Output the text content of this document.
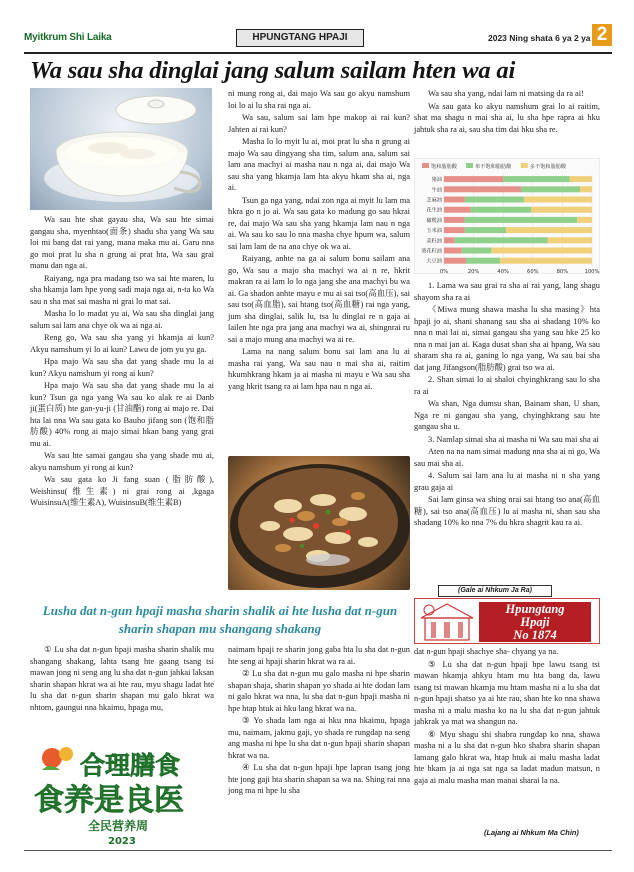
Myitkrum Shi Laika	HPUNGTANG HPAJI	2023 Ning shata 6 ya 2 ya 2
Wa sau sha dinglai jang salum sailam hten wa ai

Wa sau hte shat gayau sha, Wa sau hte simai gangau sha, myenhtao(面条) shadu sha yang Wa sau loi mi bang dat rai yang, mana maka mu ai. Garu nna go moi prat lu sha n grung ai prat hta, Wa sau grai manu dan nga ai.

Raiyang, nga pra madang tso wa sai hte maren, lu sha hkamja lam hpe yong sadi maja nga ai, n-ta ko Wa sau n sha mat sai masha ni grai lo mat sai.

Masha lo lo madat yu ai, Wa sau sha dinglai jang salum sai lam ana chye ok wa ai nga ai.

Reng go, Wa sau sha yang yi hkamja ai kun? Akyu namshum yi lo ai kun? Lawu de jom yu yu ga.

Hpa majo Wa sau sha dat yang shade mu la ai kun? Akyu namshum yi rong ai kun?

Hpa majo Wa sau sha dat yang shade mu la ai kun? Tsun ga nga yang Wa sau ko alak re ai Danb ji(蛋白质) hte gan-yu-ji (甘油酯) rong ai majo re. Dai hta lai nna Wa sau gata ko Bauho jifang son (饱和脂肪酸) 40% rong ai majo simai hkan bang yang grai mu ai.

Wa sau hte samai gangau sha yang shade mu ai, akyu namshum yi rong ai kun?

Wa sau gata ko Ji fang suan (脂肪酸), Weishinsu(维生素) ni grai rong ai ,kgaga WuisinsuA(维生素A), WuisinsuB(维生素B)

ni mung rong ai, dai majo Wa sau go akyu namshum loi lo ai lu sha rai nga ai.

Wa sau, salum sai lam hpe makop ai rai kun? Jahten ai rai kun?

Masha lo lo myit lu ai, moi prat lu sha n grung ai majo Wa sau dingyang sha tim, salum ana, salum sai lam ana machyi ai masha nau n nga ai, dai majo Wa sau sha yang hkamja lam hta akyu hkam sha ai, nga ai.

Tsun ga nga yang, ndai zon nga ai myit lu lam ma hkra go n jo ai. Wa sau gata ko madung go sau hkrai re, dai majo Wa sau sha yang hkamja lam nau n nga ai. Wa sau ko sau lo nna masha chye hpum wa, salum sai lam lam de na ana chye ok wa ai.

Raiyang, anhte na ga ai salum bonu sailam ana go, Wa sau a majo sha machyi wa ai n re, hkrit makran ra ai lam lo lo nga jang she ana machyi bu wa ai. Ga shadon anhte mayu e mu ai sai tso(高血压), sai sau tso(高血脂), sai htang tso(高血糖) rai nga yang, jum sha dinglai, salik lu, tsa lu dinglai re n gaja ai lailen hte nga pra jang ana machyi wa ai, shingnrai ru sai a majo mung ana machyi wa ai re.

Lama na nang salum bonu sai lam ana lu ai masha rai yang, Wa sau nau n mai sha ai, raitim hkumhkrang hkam ja ai masha ni mayu e Wa sau sha yang hkrit tsang ra ai lam hpa nau n nga ai.

Wa sau sha yang, ndai lam ni matsing da ra ai!

Wa sau gata ko akyu namshum grai lo ai raitim, shat ma shagu n mai sha ai, lu sha hpe rapra ai hku jahtuk sha ra ai, sau sha tim dai hku sha re.

饱和脂肪酸	单不饱和脂肪酸	多不饱和脂肪酸
0%	20%	40%	60%	80%	100%
猪油
牛油
芝麻油
花生油
橄榄油
玉米油
菜籽油
葵花籽油
大豆油

1. Lama wa sau grai ra sha ai rai yang, lang shagu shayom sha ra ai

《Miwa mung shawa masha lu sha masing》hta hpaji jo ai, shani shanang sau sha ai shadang 10% ko nna n mai lai ai, simai gangau sha yang sau hke 25 ko nna n mai jan ai. Kaga dusat shan sha ai hpang, Wa sau sharam sha ra ai, ganing lo nga yang, Wa sau bai sha dat jang Jifangson(脂肪酸) grai tso wa ai.

2. Shan simai lo ai shaloi chyinghkrang sau lo sha ra ai

Wa shan, Nga dumsu shan, Bainam shan, U shan, Nga re ni gangau sha yang, chyinghkrang sau hte gangau sha u.

3. Namlap simai sha ai masha ni Wa sau mai sha ai

Aten na na nam simai madung nna sha ai ni go, Wa sau mai sha ai.

4. Salum sai lam ana lu ai masha ni n sha yang grau gaja ai

Sai lam ginsa wa shing nrai sai htang tso ana(高血糖), sai tso ana(高血压) lu ai masha ni, shan sau sha shadang 10% ko nna 7% du hkra shagrit kau ra ai.

(Gale ai Nhkum Ja Ra)
Hpungtang
Hpaji
No 1874
Lusha dat n-gun hpaji masha sharin shalik ai hte lusha dat n-gun sharin shapan mu shangang shakang

① Lu sha dat n-gun hpaji masha sharin shalik mu shangang shakang, lahta tsang hte gaang tsang tsi mawan jong ni seng ang lu sha dat n-gun jahkai laksan sharin shapan hkrat wa ai hte rau, myu shagu ladat hte lu sha dat n-gun sharin shapan mu galo hkrat wa nhtom, gaungui nna hkaimu, hpaga mu,

合理膳食
食养是良医
全民营养周
2023

naimam hpaji re sharin jong gaba hta lu sha dat n-gun hte seng ai hpaji sharin hkrat wa ra ai.

② Lu sha dat n-gun mu galo masha ni hpe sharin shapan shaja, sharin shapan yo shada ai hte dodan lam ni galo hkrat wa nna, lu sha dat n-gun hpaji masha ni hpe htap htuk ai hku lang hkrat wa na.

③ Yo shada lam nga ai hku nna hkaimu, hpaga mu, naimam, jakmu gaji, yo shada re rungdap na seng ang masha ni hpe lu sha dat n-gun hpaji sharin shapan hkrat wa na.

④ Lu sha dat n-gun hpaji hpe lapran tsang jong hte jong gaji hta sharin shapan sa wa na. Shing rai nna jong ma ni hpe lu sha

dat n-gun hpaji shachye sha- chyang ya na.

⑤ Lu sha dat n-gun hpaji hpe lawu tsang tsi mawan hkamja ahkyu htam mu hta bang da, lawu tsang tsi mawan hkamja mu htam masha ni a lu sha dat n-gun hpaji shatso ya ai hte rau, shan hte ko nna shawa masha ni a malu masha ko na lu sha dat n-gun jahtuk jahkrak ya mat wa shangun na.

⑥ Myu shagu shi shabra rungdap ko nna, shawa masha ni a lu sha dat n-gun hko shabra sharin shapan lamang galo hkrat wa, htap htuk ai malu masha ladat hte hkam ja ai nga sat nga sa ladat madun matsun, n gaja ai malu masha man manai sharai la na.

(Lajang ai Nhkum Ma Chin)
